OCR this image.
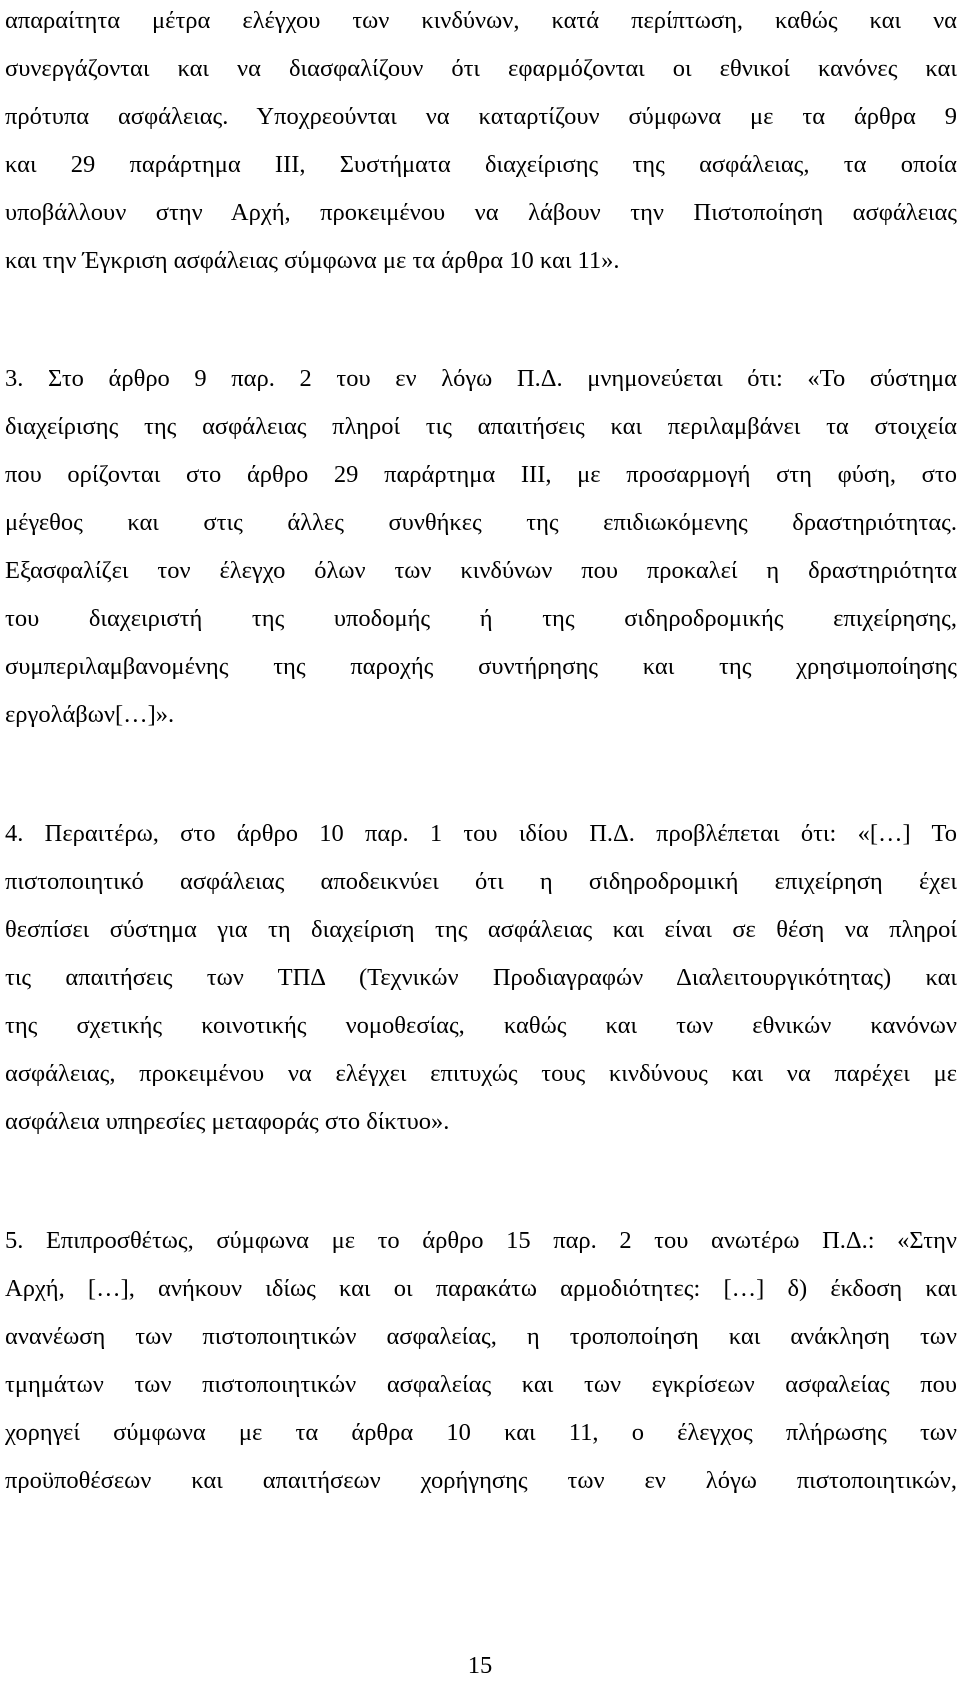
απαραίτητα μέτρα ελέγχου των κινδύνων, κατά περίπτωση, καθώς και να
συνεργάζονται και να διασφαλίζουν ότι εφαρμόζονται οι εθνικοί κανόνες και
πρότυπα ασφάλειας. Υποχρεούνται να καταρτίζουν σύμφωνα με τα άρθρα 9
και 29 παράρτημα ΙΙΙ, Συστήματα διαχείρισης της ασφάλειας, τα οποία
υποβάλλουν στην Αρχή, προκειμένου να λάβουν την Πιστοποίηση ασφάλειας
και την Έγκριση ασφάλειας σύμφωνα με τα άρθρα 10 και 11».
3. Στο άρθρο 9 παρ. 2 του εν λόγω Π.Δ. μνημονεύεται ότι: «Το σύστημα
διαχείρισης της ασφάλειας πληροί τις απαιτήσεις και περιλαμβάνει τα στοιχεία
που ορίζονται στο άρθρο 29 παράρτημα ΙΙΙ, με προσαρμογή στη φύση, στο
μέγεθος και στις άλλες συνθήκες της επιδιωκόμενης δραστηριότητας.
Εξασφαλίζει τον έλεγχο όλων των κινδύνων που προκαλεί η δραστηριότητα
του διαχειριστή της υποδομής ή της σιδηροδρομικής επιχείρησης,
συμπεριλαμβανομένης της παροχής συντήρησης και της χρησιμοποίησης
εργολάβων[…]».
4. Περαιτέρω, στο άρθρο 10 παρ. 1 του ιδίου Π.Δ. προβλέπεται ότι: «[…] Το
πιστοποιητικό ασφάλειας αποδεικνύει ότι η σιδηροδρομική επιχείρηση έχει
θεσπίσει σύστημα για τη διαχείριση της ασφάλειας και είναι σε θέση να πληροί
τις απαιτήσεις των ΤΠΔ (Τεχνικών Προδιαγραφών Διαλειτουργικότητας) και
της σχετικής κοινοτικής νομοθεσίας, καθώς και των εθνικών κανόνων
ασφάλειας, προκειμένου να ελέγχει επιτυχώς τους κινδύνους και να παρέχει με
ασφάλεια υπηρεσίες μεταφοράς στο δίκτυο».
5. Επιπροσθέτως, σύμφωνα με το άρθρο 15 παρ. 2 του ανωτέρω Π.Δ.: «Στην
Αρχή, […], ανήκουν ιδίως και οι παρακάτω αρμοδιότητες: […] δ) έκδοση και
ανανέωση των πιστοποιητικών ασφαλείας, η τροποποίηση και ανάκληση των
τμημάτων των πιστοποιητικών ασφαλείας και των εγκρίσεων ασφαλείας που
χορηγεί σύμφωνα με τα άρθρα 10 και 11, ο έλεγχος πλήρωσης των
προϋποθέσεων και απαιτήσεων χορήγησης των εν λόγω πιστοποιητικών,
15
